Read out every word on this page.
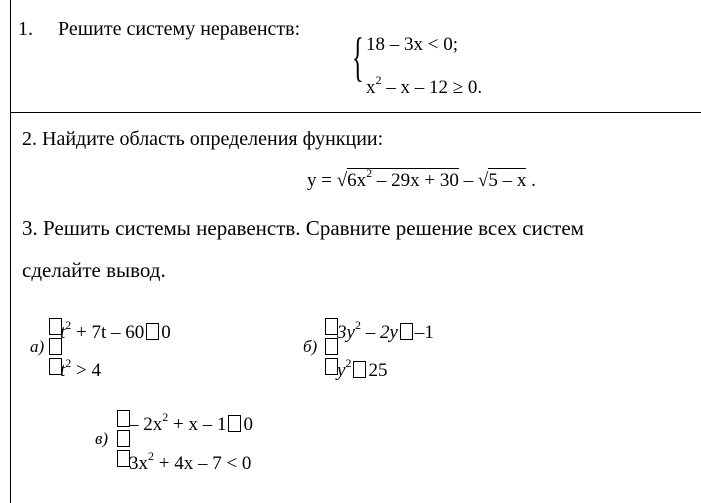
1. Решите систему неравенств: { 18 – 3x < 0;
$x^2 - x - 12 \ge 0$.
2. Найдите область определения функции:
$y = √6x^2 - 29x + 30 - √5 - x$ .
3. Решить системы неравенств. Сравните решение всех систем
сделайте вывод.
а)
$t^2 + 7t - 60$ 0
$t^2 > 4$
б)
$3y^2 - 2y$ –1
$y^2$ 25
в)
– $2x^2 + x - 1$ 0
$3x^2 + 4x - 7 < 0$
